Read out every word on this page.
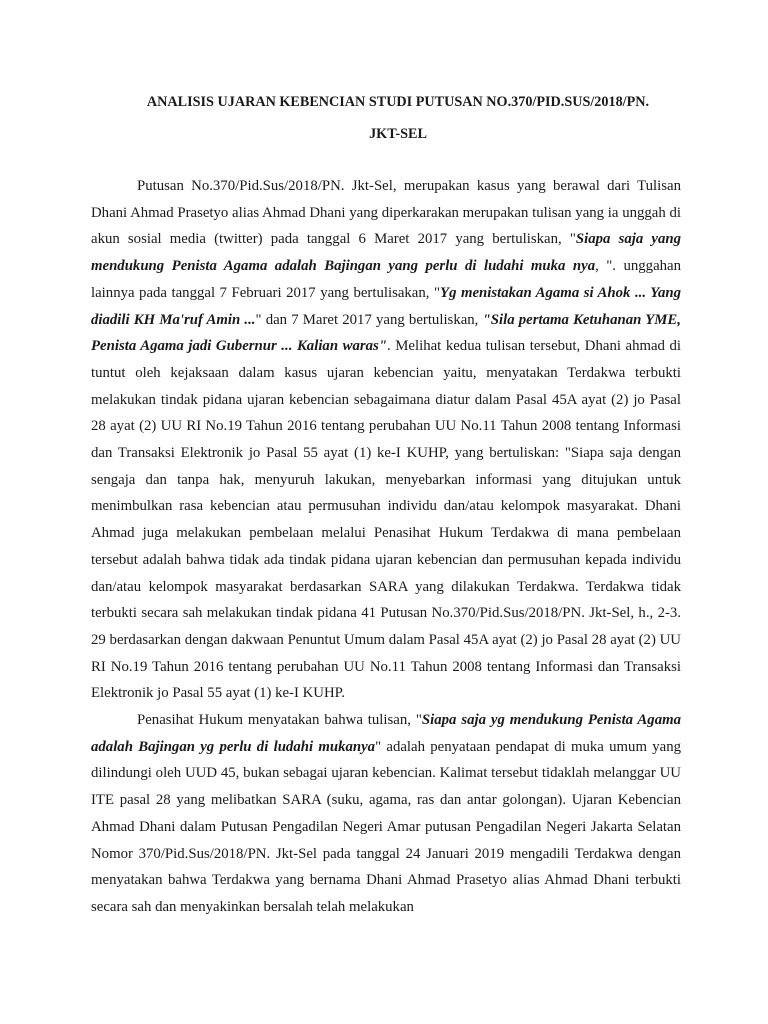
ANALISIS UJARAN KEBENCIAN STUDI PUTUSAN NO.370/PID.SUS/2018/PN.
JKT-SEL

Putusan No.370/Pid.Sus/2018/PN. Jkt-Sel, merupakan kasus yang berawal dari Tulisan Dhani Ahmad Prasetyo alias Ahmad Dhani yang diperkarakan merupakan tulisan yang ia unggah di akun sosial media (twitter) pada tanggal 6 Maret 2017 yang bertuliskan, "Siapa saja yang mendukung Penista Agama adalah Bajingan yang perlu di ludahi muka nya, ". unggahan lainnya pada tanggal 7 Februari 2017 yang bertulisakan, "Yg menistakan Agama si Ahok ... Yang diadili KH Ma'ruf Amin ..." dan 7 Maret 2017 yang bertuliskan, "Sila pertama Ketuhanan YME, Penista Agama jadi Gubernur ... Kalian waras". Melihat kedua tulisan tersebut, Dhani ahmad di tuntut oleh kejaksaan dalam kasus ujaran kebencian yaitu, menyatakan Terdakwa terbukti melakukan tindak pidana ujaran kebencian sebagaimana diatur dalam Pasal 45A ayat (2) jo Pasal 28 ayat (2) UU RI No.19 Tahun 2016 tentang perubahan UU No.11 Tahun 2008 tentang Informasi dan Transaksi Elektronik jo Pasal 55 ayat (1) ke-I KUHP, yang bertuliskan: "Siapa saja dengan sengaja dan tanpa hak, menyuruh lakukan, menyebarkan informasi yang ditujukan untuk menimbulkan rasa kebencian atau permusuhan individu dan/atau kelompok masyarakat. Dhani Ahmad juga melakukan pembelaan melalui Penasihat Hukum Terdakwa di mana pembelaan tersebut adalah bahwa tidak ada tindak pidana ujaran kebencian dan permusuhan kepada individu dan/atau kelompok masyarakat berdasarkan SARA yang dilakukan Terdakwa. Terdakwa tidak terbukti secara sah melakukan tindak pidana 41 Putusan No.370/Pid.Sus/2018/PN. Jkt-Sel, h., 2-3. 29 berdasarkan dengan dakwaan Penuntut Umum dalam Pasal 45A ayat (2) jo Pasal 28 ayat (2) UU RI No.19 Tahun 2016 tentang perubahan UU No.11 Tahun 2008 tentang Informasi dan Transaksi Elektronik jo Pasal 55 ayat (1) ke-I KUHP.

Penasihat Hukum menyatakan bahwa tulisan, "Siapa saja yg mendukung Penista Agama adalah Bajingan yg perlu di ludahi mukanya" adalah penyataan pendapat di muka umum yang dilindungi oleh UUD 45, bukan sebagai ujaran kebencian. Kalimat tersebut tidaklah melanggar UU ITE pasal 28 yang melibatkan SARA (suku, agama, ras dan antar golongan). Ujaran Kebencian Ahmad Dhani dalam Putusan Pengadilan Negeri Amar putusan Pengadilan Negeri Jakarta Selatan Nomor 370/Pid.Sus/2018/PN. Jkt-Sel pada tanggal 24 Januari 2019 mengadili Terdakwa dengan menyatakan bahwa Terdakwa yang bernama Dhani Ahmad Prasetyo alias Ahmad Dhani terbukti secara sah dan menyakinkan bersalah telah melakukan
